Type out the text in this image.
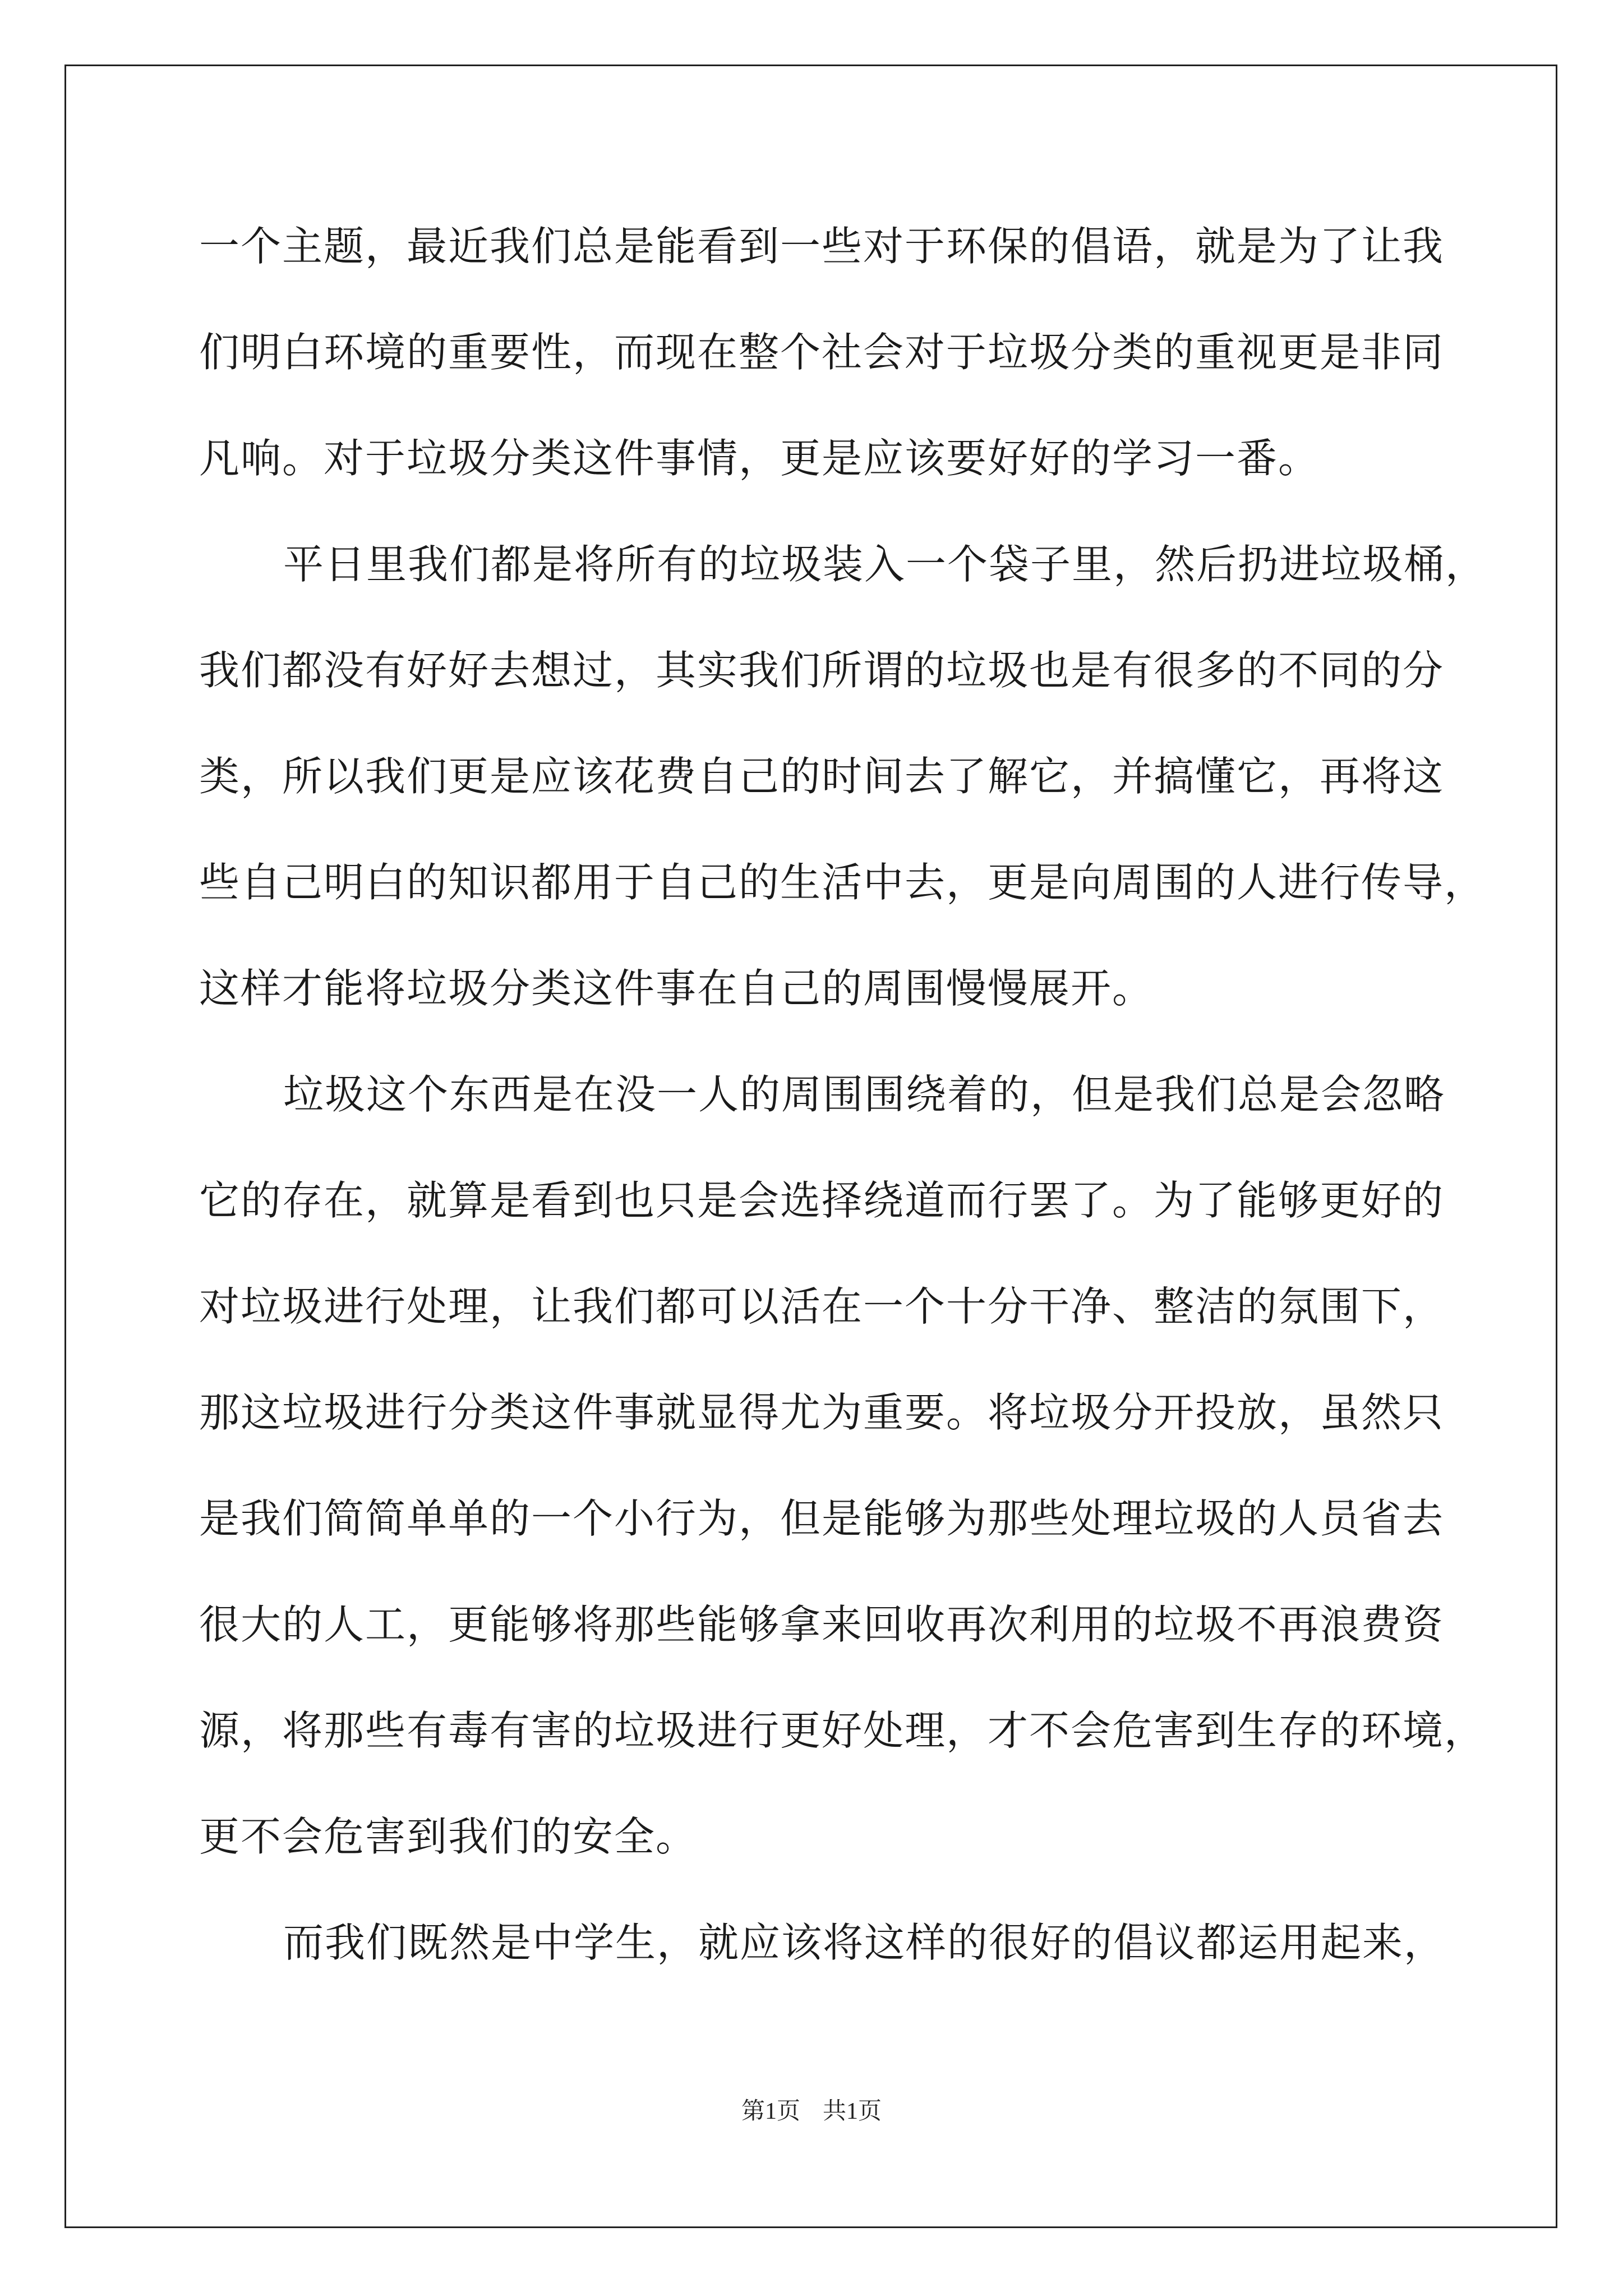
一个主题，最近我们总是能看到一些对于环保的倡语，就是为了让我
们明白环境的重要性，而现在整个社会对于垃圾分类的重视更是非同
凡响。对于垃圾分类这件事情，更是应该要好好的学习一番。
平日里我们都是将所有的垃圾装入一个袋子里，然后扔进垃圾桶，
我们都没有好好去想过，其实我们所谓的垃圾也是有很多的不同的分
类，所以我们更是应该花费自己的时间去了解它，并搞懂它，再将这
些自己明白的知识都用于自己的生活中去，更是向周围的人进行传导，
这样才能将垃圾分类这件事在自己的周围慢慢展开。
垃圾这个东西是在没一人的周围围绕着的，但是我们总是会忽略
它的存在，就算是看到也只是会选择绕道而行罢了。为了能够更好的
对垃圾进行处理，让我们都可以活在一个十分干净、整洁的氛围下，
那这垃圾进行分类这件事就显得尤为重要。将垃圾分开投放，虽然只
是我们简简单单的一个小行为，但是能够为那些处理垃圾的人员省去
很大的人工，更能够将那些能够拿来回收再次利用的垃圾不再浪费资
源，将那些有毒有害的垃圾进行更好处理，才不会危害到生存的环境，
更不会危害到我们的安全。
而我们既然是中学生，就应该将这样的很好的倡议都运用起来，
第1页 共1页
